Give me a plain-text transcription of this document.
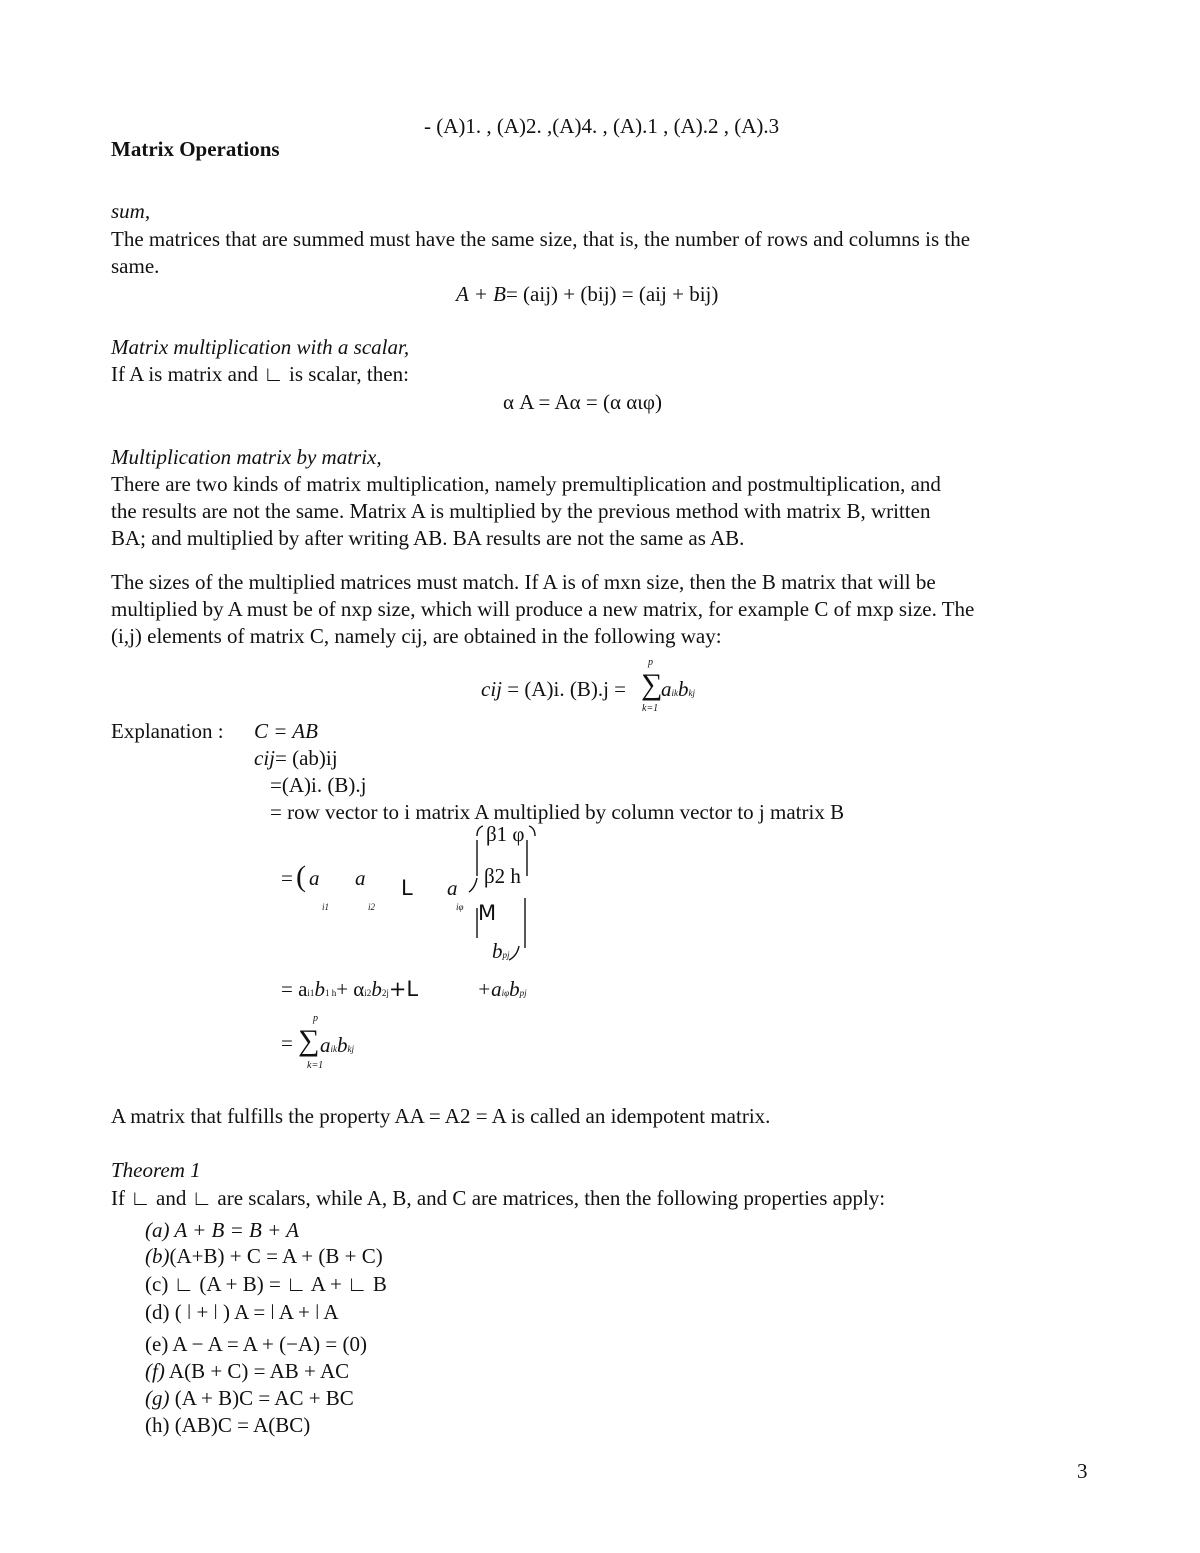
- (A)1. , (A)2. ,(A)4. , (A).1 , (A).2 , (A).3
Matrix Operations
sum,
The matrices that are summed must have the same size, that is, the number of rows and columns is the
same.
A + B= (aij) + (bij) = (aij + bij)
Matrix multiplication with a scalar,
If A is matrix and ∟ is scalar, then:
α A = Aα = (α αιφ)
Multiplication matrix by matrix,
There are two kinds of matrix multiplication, namely premultiplication and postmultiplication, and
the results are not the same. Matrix A is multiplied by the previous method with matrix B, written
BA; and multiplied by after writing AB. BA results are not the same as AB.
The sizes of the multiplied matrices must match. If A is of mxn size, then the B matrix that will be
multiplied by A must be of nxp size, which will produce a new matrix, for example C of mxp size. The
(i,j) elements of matrix C, namely cij, are obtained in the following way:
cij = (A)i. (B).j =
p
∑
k=1
aikbkj
Explanation : C = AB
cij= (ab)ij
=(A)i. (B).j
= row vector to i matrix A multiplied by column vector to j matrix B
= ( a
i1
a
i2
L a
iφ
β1 φ
β2 h
M
bpj
= ai1b1 h+ αi2b2j+L	+aiφbpj
=
p
∑
k=1
aikbkj
A matrix that fulfills the property AA = A2 = A is called an idempotent matrix.
Theorem 1
If ∟ and ∟ are scalars, while A, B, and C are matrices, then the following properties apply:
(a) A + B = B + A
(b)(A+B) + C = A + (B + C)
(c) ∟ (A + B) = ∟ A + ∟ B
(d) ( ǀ + ǀ ) A = ǀ A + ǀ A
(e) A − A = A + (−A) = (0)
(f) A(B + C) = AB + AC
(g) (A + B)C = AC + BC
(h) (AB)C = A(BC)
3
